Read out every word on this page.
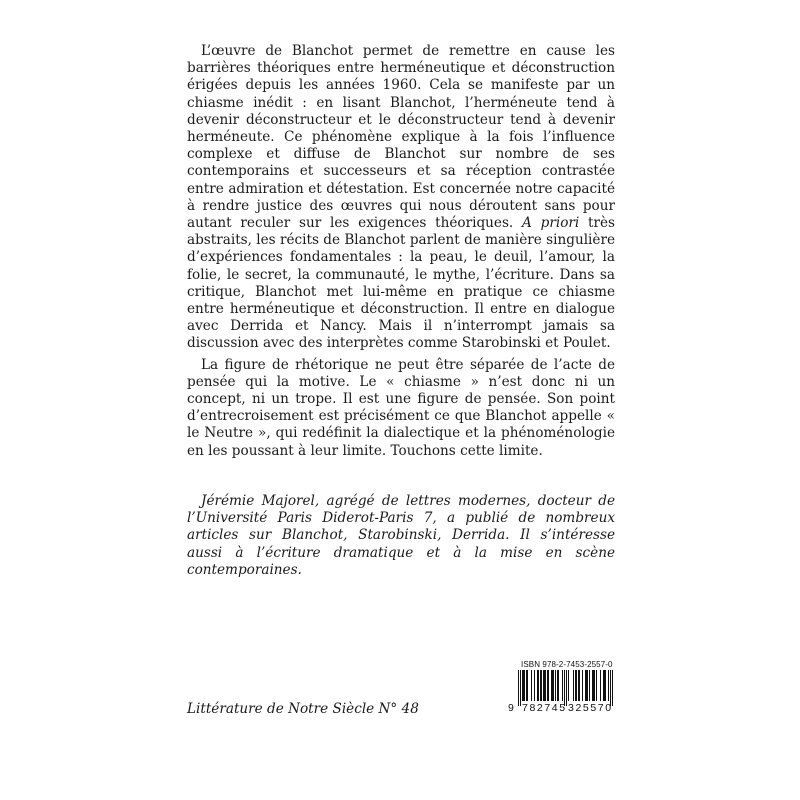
L’œuvre de Blanchot permet de remettre en cause les barrières théoriques entre herméneutique et déconstruction érigées depuis les années 1960. Cela se manifeste par un chiasme inédit : en lisant Blanchot, l’herméneute tend à devenir déconstructeur et le déconstructeur tend à devenir herméneute. Ce phénomène explique à la fois l’influence complexe et diffuse de Blanchot sur nombre de ses contemporains et successeurs et sa réception contrastée entre admiration et détestation. Est concernée notre capacité à rendre justice des œuvres qui nous déroutent sans pour autant reculer sur les exigences théoriques. A priori très abstraits, les récits de Blanchot parlent de manière singulière d’expériences fondamentales : la peau, le deuil, l’amour, la folie, le secret, la communauté, le mythe, l’écriture. Dans sa critique, Blanchot met lui-même en pratique ce chiasme entre herméneutique et déconstruction. Il entre en dialogue avec Derrida et Nancy. Mais il n’interrompt jamais sa discussion avec des interprètes comme Starobinski et Poulet.

La figure de rhétorique ne peut être séparée de l’acte de pensée qui la motive. Le « chiasme » n’est donc ni un concept, ni un trope. Il est une figure de pensée. Son point d’entrecroisement est précisément ce que Blanchot appelle « le Neutre », qui redéfinit la dialectique et la phénoménologie en les poussant à leur limite. Touchons cette limite.

Jérémie Majorel, agrégé de lettres modernes, docteur de l’Université Paris Diderot-Paris 7, a publié de nombreux articles sur Blanchot, Starobinski, Derrida. Il s’intéresse aussi à l’écriture dramatique et à la mise en scène contemporaines.

Littérature de Notre Siècle N° 48

ISBN 978-2-7453-2557-0
9 782745 325570
